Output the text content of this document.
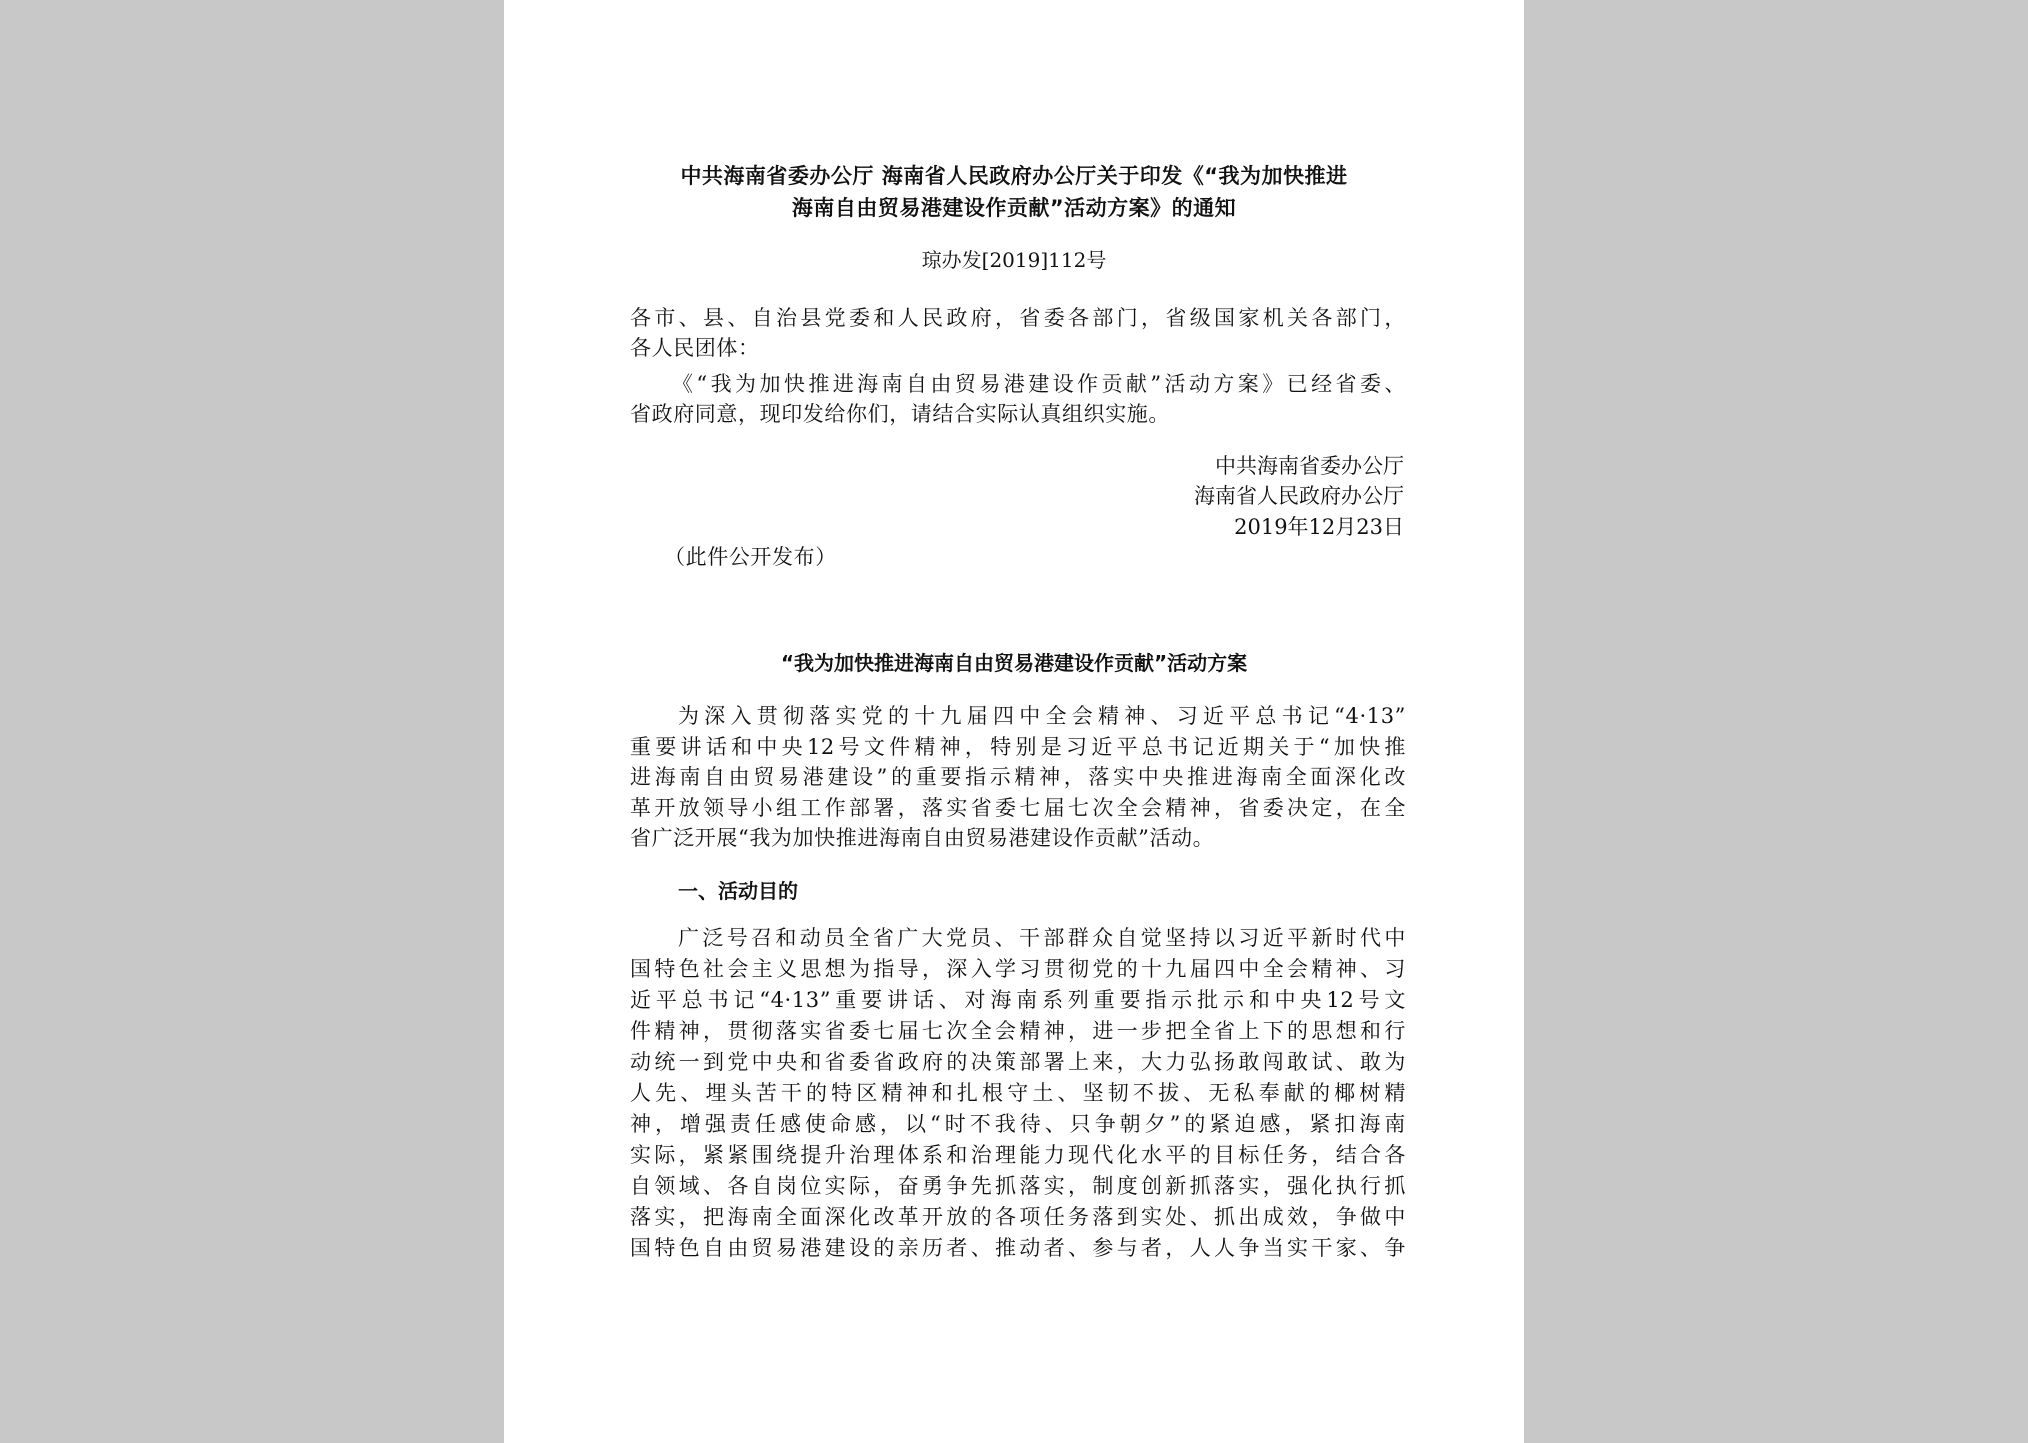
中共海南省委办公厅 海南省人民政府办公厅关于印发《“我为加快推进
海南自由贸易港建设作贡献”活动方案》的通知
琼办发[2019]112号
各市、县、自治县党委和人民政府，省委各部门，省级国家机关各部门，
各人民团体：
《“我为加快推进海南自由贸易港建设作贡献”活动方案》已经省委、
省政府同意，现印发给你们，请结合实际认真组织实施。
中共海南省委办公厅
海南省人民政府办公厅
2019年12月23日
（此件公开发布）
“我为加快推进海南自由贸易港建设作贡献”活动方案
为深入贯彻落实党的十九届四中全会精神、习近平总书记“4·13”
重要讲话和中央12号文件精神，特别是习近平总书记近期关于“加快推
进海南自由贸易港建设”的重要指示精神，落实中央推进海南全面深化改
革开放领导小组工作部署，落实省委七届七次全会精神，省委决定，在全
省广泛开展“我为加快推进海南自由贸易港建设作贡献”活动。
一、活动目的
广泛号召和动员全省广大党员、干部群众自觉坚持以习近平新时代中
国特色社会主义思想为指导，深入学习贯彻党的十九届四中全会精神、习
近平总书记“4·13”重要讲话、对海南系列重要指示批示和中央12号文
件精神，贯彻落实省委七届七次全会精神，进一步把全省上下的思想和行
动统一到党中央和省委省政府的决策部署上来，大力弘扬敢闯敢试、敢为
人先、埋头苦干的特区精神和扎根守土、坚韧不拔、无私奉献的椰树精
神，增强责任感使命感，以“时不我待、只争朝夕”的紧迫感，紧扣海南
实际，紧紧围绕提升治理体系和治理能力现代化水平的目标任务，结合各
自领域、各自岗位实际，奋勇争先抓落实，制度创新抓落实，强化执行抓
落实，把海南全面深化改革开放的各项任务落到实处、抓出成效，争做中
国特色自由贸易港建设的亲历者、推动者、参与者，人人争当实干家、争
